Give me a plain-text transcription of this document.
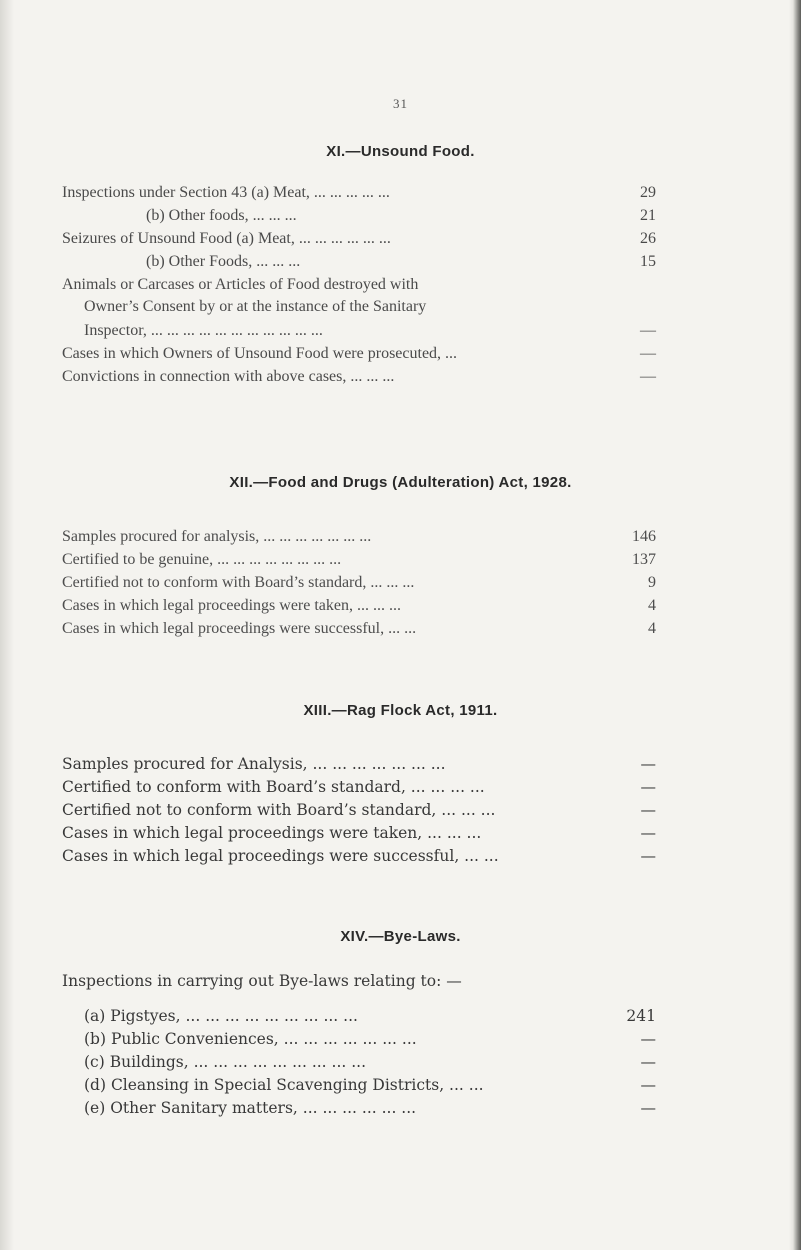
31
XI.—Unsound Food.
Inspections under Section 43 (a) Meat, ... ... ... ... ...	29
(b) Other foods, ... ... ...	21
Seizures of Unsound Food (a) Meat, ... ... ... ... ... ...	26
(b) Other Foods, ... ... ...	15
Animals or Carcases or Articles of Food destroyed with
Owner’s Consent by or at the instance of the Sanitary
Inspector, ... ... ... ... ... ... ... ... ... ... ...	—
Cases in which Owners of Unsound Food were prosecuted, ...	—
Convictions in connection with above cases, ... ... ...	—
XII.—Food and Drugs (Adulteration) Act, 1928.
Samples procured for analysis, ... ... ... ... ... ... ...	146
Certified to be genuine, ... ... ... ... ... ... ... ...	137
Certified not to conform with Board’s standard, ... ... ...	9
Cases in which legal proceedings were taken, ... ... ...	4
Cases in which legal proceedings were successful, ... ...	4
XIII.—Rag Flock Act, 1911.
Samples procured for Analysis, ... ... ... ... ... ... ...	—
Certified to conform with Board’s standard, ... ... ... ...	—
Certified not to conform with Board’s standard, ... ... ...	—
Cases in which legal proceedings were taken, ... ... ...	—
Cases in which legal proceedings were successful, ... ...	—
XIV.—Bye-Laws.
Inspections in carrying out Bye-laws relating to: —
(a) Pigstyes, ... ... ... ... ... ... ... ... ...	241
(b) Public Conveniences, ... ... ... ... ... ... ...	—
(c) Buildings, ... ... ... ... ... ... ... ... ...	—
(d) Cleansing in Special Scavenging Districts, ... ...	—
(e) Other Sanitary matters, ... ... ... ... ... ...	—
